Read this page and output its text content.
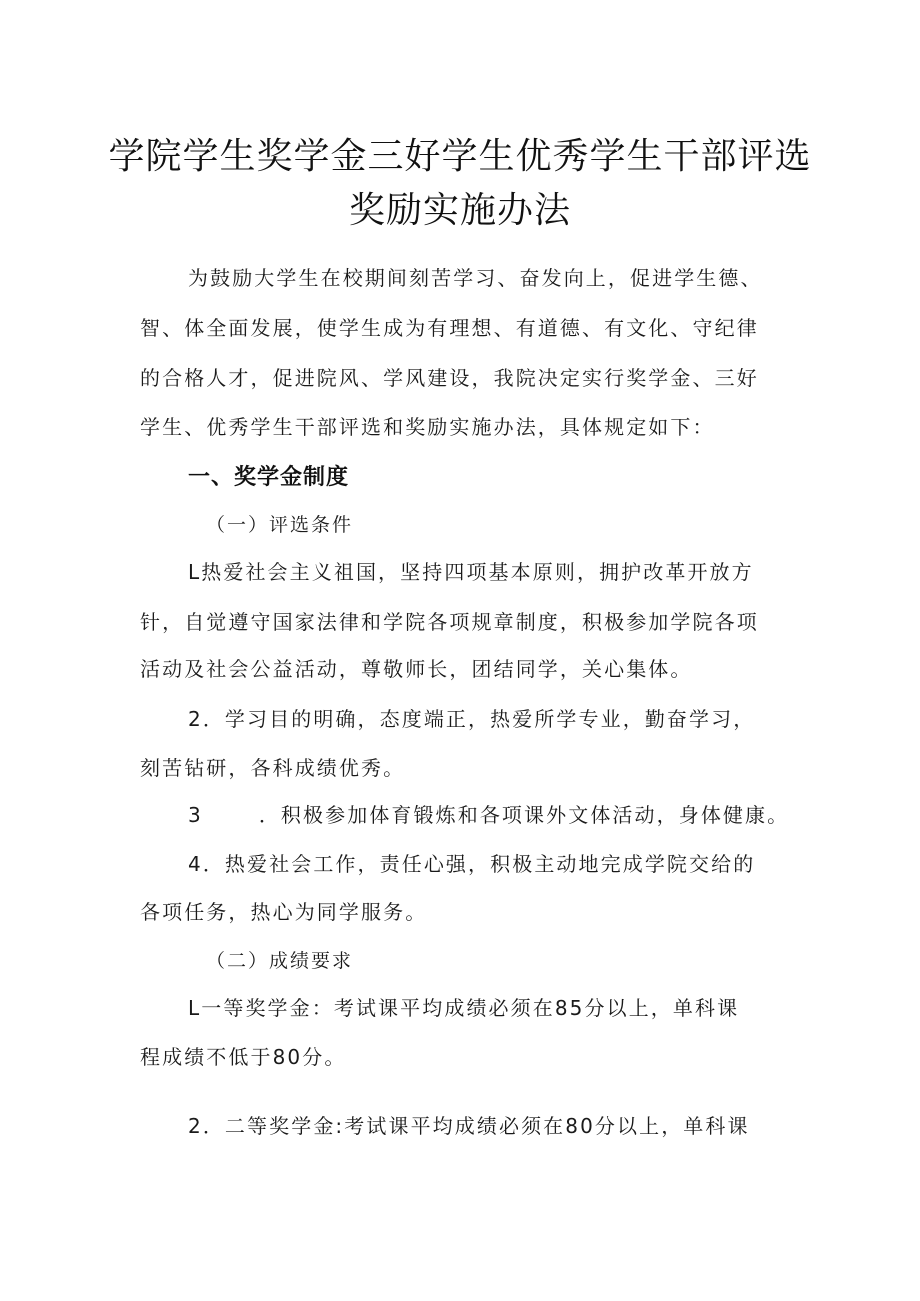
学院学生奖学金三好学生优秀学生干部评选
奖励实施办法
为鼓励大学生在校期间刻苦学习、奋发向上，促进学生德、
智、体全面发展，使学生成为有理想、有道德、有文化、守纪律
的合格人才，促进院风、学风建设，我院决定实行奖学金、三好
学生、优秀学生干部评选和奖励实施办法，具体规定如下：
一、奖学金制度
（一）评选条件
L热爱社会主义祖国，坚持四项基本原则，拥护改革开放方
针，自觉遵守国家法律和学院各项规章制度，积极参加学院各项
活动及社会公益活动，尊敬师长，团结同学，关心集体。
2．学习目的明确，态度端正，热爱所学专业，勤奋学习，
刻苦钻研，各科成绩优秀。
3	．积极参加体育锻炼和各项课外文体活动，身体健康。
4．热爱社会工作，责任心强，积极主动地完成学院交给的
各项任务，热心为同学服务。
（二）成绩要求
L一等奖学金：考试课平均成绩必须在85分以上，单科课
程成绩不低于80分。
2．二等奖学金:考试课平均成绩必须在80分以上，单科课
